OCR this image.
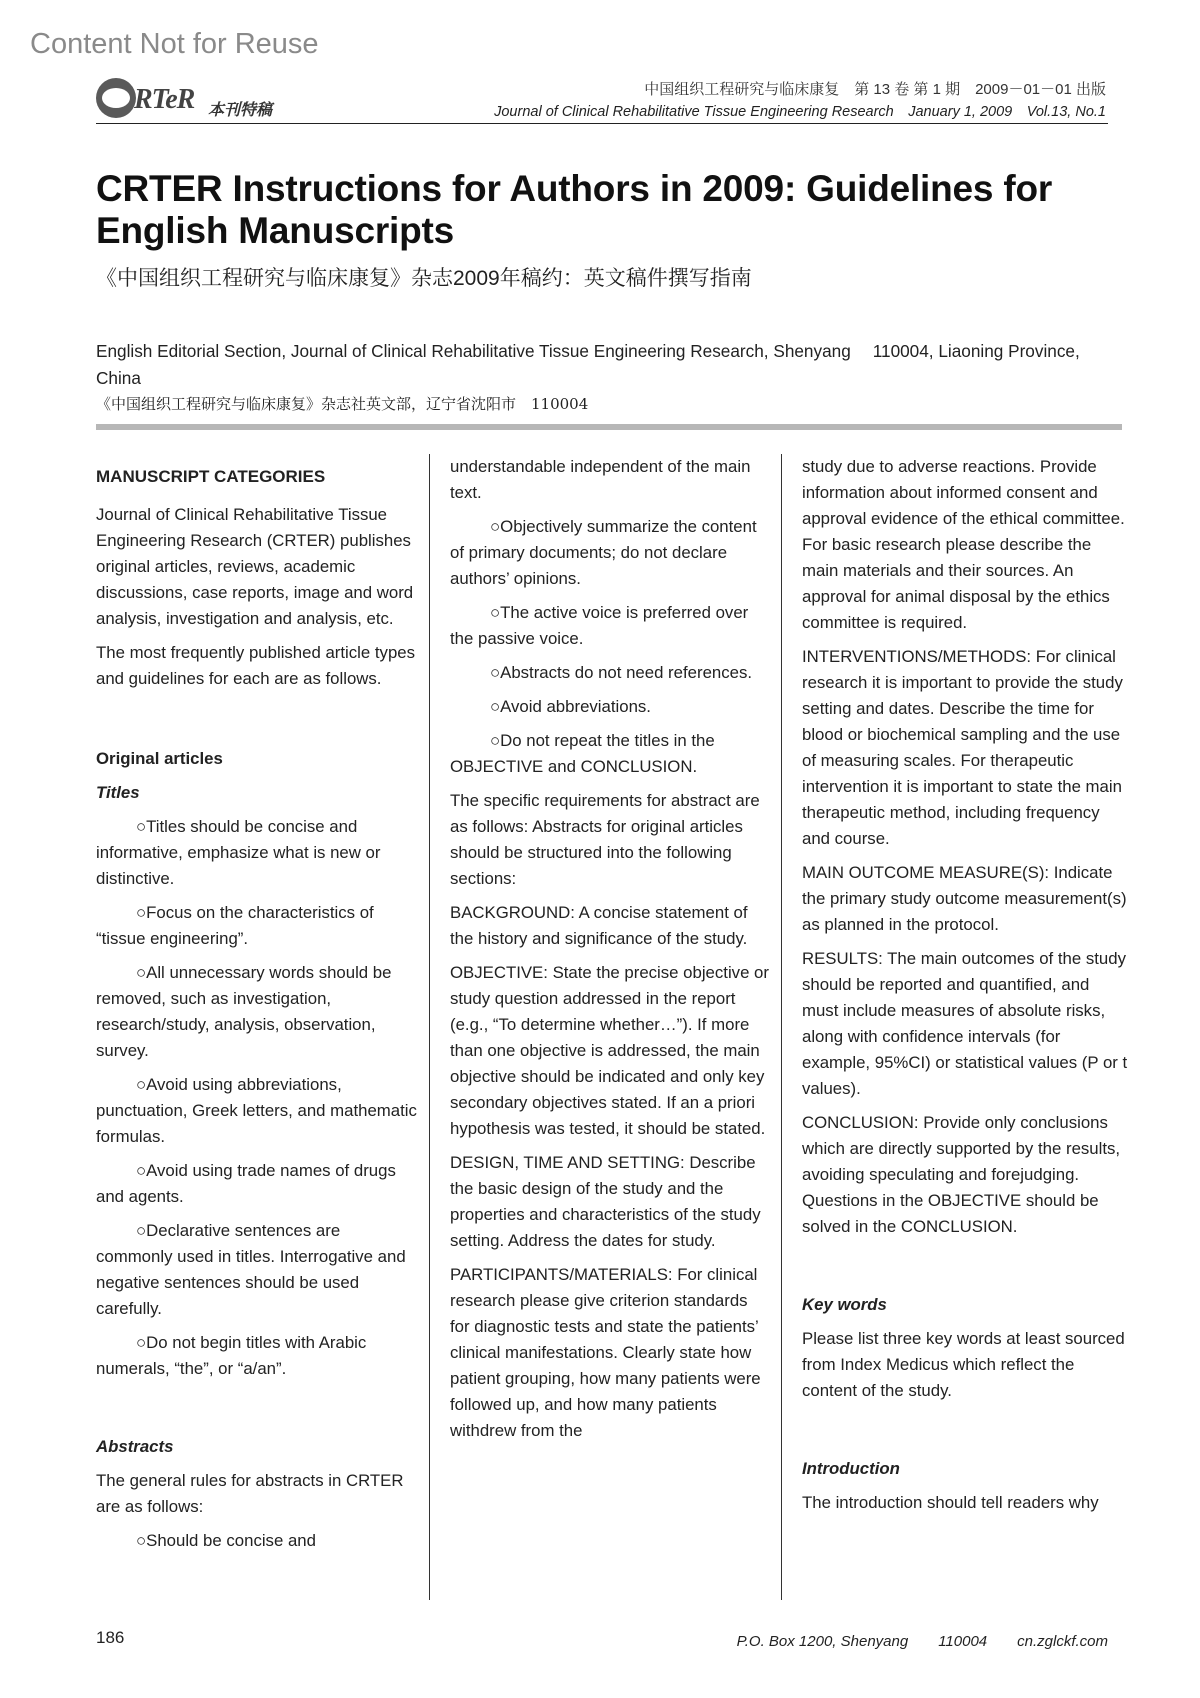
Content Not for Reuse
RTeR 本刊特稿
中国组织工程研究与临床康复　第 13 卷 第 1 期　2009－01－01 出版
Journal of Clinical Rehabilitative Tissue Engineering Research　January 1, 2009　Vol.13, No.1
CRTER Instructions for Authors in 2009: Guidelines for English Manuscripts
《中国组织工程研究与临床康复》杂志2009年稿约：英文稿件撰写指南
English Editorial Section, Journal of Clinical Rehabilitative Tissue Engineering Research, Shenyang 　110004, Liaoning Province, China
《中国组织工程研究与临床康复》杂志社英文部，辽宁省沈阳市　110004
MANUSCRIPT CATEGORIES

Journal of Clinical Rehabilitative Tissue Engineering Research (CRTER) publishes original articles, reviews, academic discussions, case reports, image and word analysis, investigation and analysis, etc.

The most frequently published article types and guidelines for each are as follows.

Original articles
Titles

○ Titles should be concise and informative, emphasize what is new or distinctive.

○ Focus on the characteristics of “tissue engineering”.

○ All unnecessary words should be removed, such as investigation, research/study, analysis, observation, survey.

○ Avoid using abbreviations, punctuation, Greek letters, and mathematic formulas.

○ Avoid using trade names of drugs and agents.

○ Declarative sentences are commonly used in titles. Interrogative and negative sentences should be used carefully.

○ Do not begin titles with Arabic numerals, “the”, or “a/an”.

Abstracts

The general rules for abstracts in CRTER are as follows:

○ Should be concise and

understandable independent of the main text.

○ Objectively summarize the content of primary documents; do not declare authors’ opinions.

○ The active voice is preferred over the passive voice.

○ Abstracts do not need references.

○ Avoid abbreviations.

○ Do not repeat the titles in the OBJECTIVE and CONCLUSION.

The specific requirements for abstract are as follows: Abstracts for original articles should be structured into the following sections:

BACKGROUND: A concise statement of the history and significance of the study.

OBJECTIVE: State the precise objective or study question addressed in the report (e.g., “To determine whether…”). If more than one objective is addressed, the main objective should be indicated and only key secondary objectives stated. If an a priori hypothesis was tested, it should be stated.

DESIGN, TIME AND SETTING: Describe the basic design of the study and the properties and characteristics of the study setting. Address the dates for study.

PARTICIPANTS/MATERIALS: For clinical research please give criterion standards for diagnostic tests and state the patients’ clinical manifestations. Clearly state how patient grouping, how many patients were followed up, and how many patients withdrew from the

study due to adverse reactions. Provide information about informed consent and approval evidence of the ethical committee. For basic research please describe the main materials and their sources. An approval for animal disposal by the ethics committee is required.

INTERVENTIONS/METHODS: For clinical research it is important to provide the study setting and dates. Describe the time for blood or biochemical sampling and the use of measuring scales. For therapeutic intervention it is important to state the main therapeutic method, including frequency and course.

MAIN OUTCOME MEASURE(S): Indicate the primary study outcome measurement(s) as planned in the protocol.

RESULTS: The main outcomes of the study should be reported and quantified, and must include measures of absolute risks, along with confidence intervals (for example, 95%CI) or statistical values (P or t values).

CONCLUSION: Provide only conclusions which are directly supported by the results, avoiding speculating and forejudging. Questions in the OBJECTIVE should be solved in the CONCLUSION.

Key words

Please list three key words at least sourced from Index Medicus which reflect the content of the study.

Introduction

The introduction should tell readers why

186	P.O. Box 1200, Shenyang　　110004　　cn.zglckf.com
